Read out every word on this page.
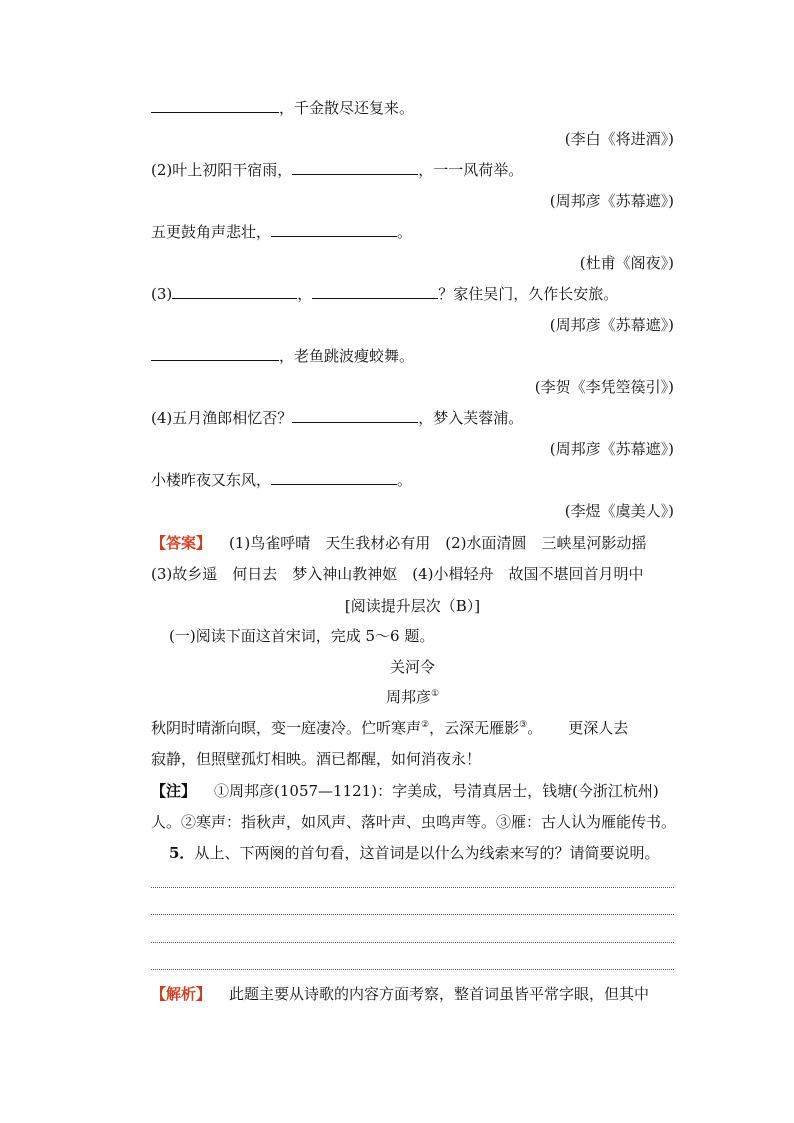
，千金散尽还复来。
(李白《将进酒》)
(2)叶上初阳干宿雨，	，一一风荷举。
(周邦彦《苏幕遮》)
五更鼓角声悲壮，	。
(杜甫《阁夜》)
(3)	，	？家住吴门，久作长安旅。
(周邦彦《苏幕遮》)
，老鱼跳波瘦蛟舞。
(李贺《李凭箜篌引》)
(4)五月渔郎相忆否？	，梦入芙蓉浦。
(周邦彦《苏幕遮》)
小楼昨夜又东风，	。
(李煜《虞美人》)
【答案】 (1)鸟雀呼晴　天生我材必有用　(2)水面清圆　三峡星河影动摇
(3)故乡遥　何日去　梦入神山教神妪　(4)小楫轻舟　故国不堪回首月明中
[阅读提升层次（B）]
(一)阅读下面这首宋词，完成 5～6 题。
关河令
周邦彦①
秋阴时晴渐向暝，变一庭凄冷。伫听寒声②，云深无雁影③。 更深人去
寂静，但照壁孤灯相映。酒已都醒，如何消夜永！
【注】 ①周邦彦(1057—1121)：字美成，号清真居士，钱塘(今浙江杭州)
人。②寒声：指秋声，如风声、落叶声、虫鸣声等。③雁：古人认为雁能传书。
5．从上、下两阕的首句看，这首词是以什么为线索来写的？请简要说明。
【解析】 此题主要从诗歌的内容方面考察，整首词虽皆平常字眼，但其中
